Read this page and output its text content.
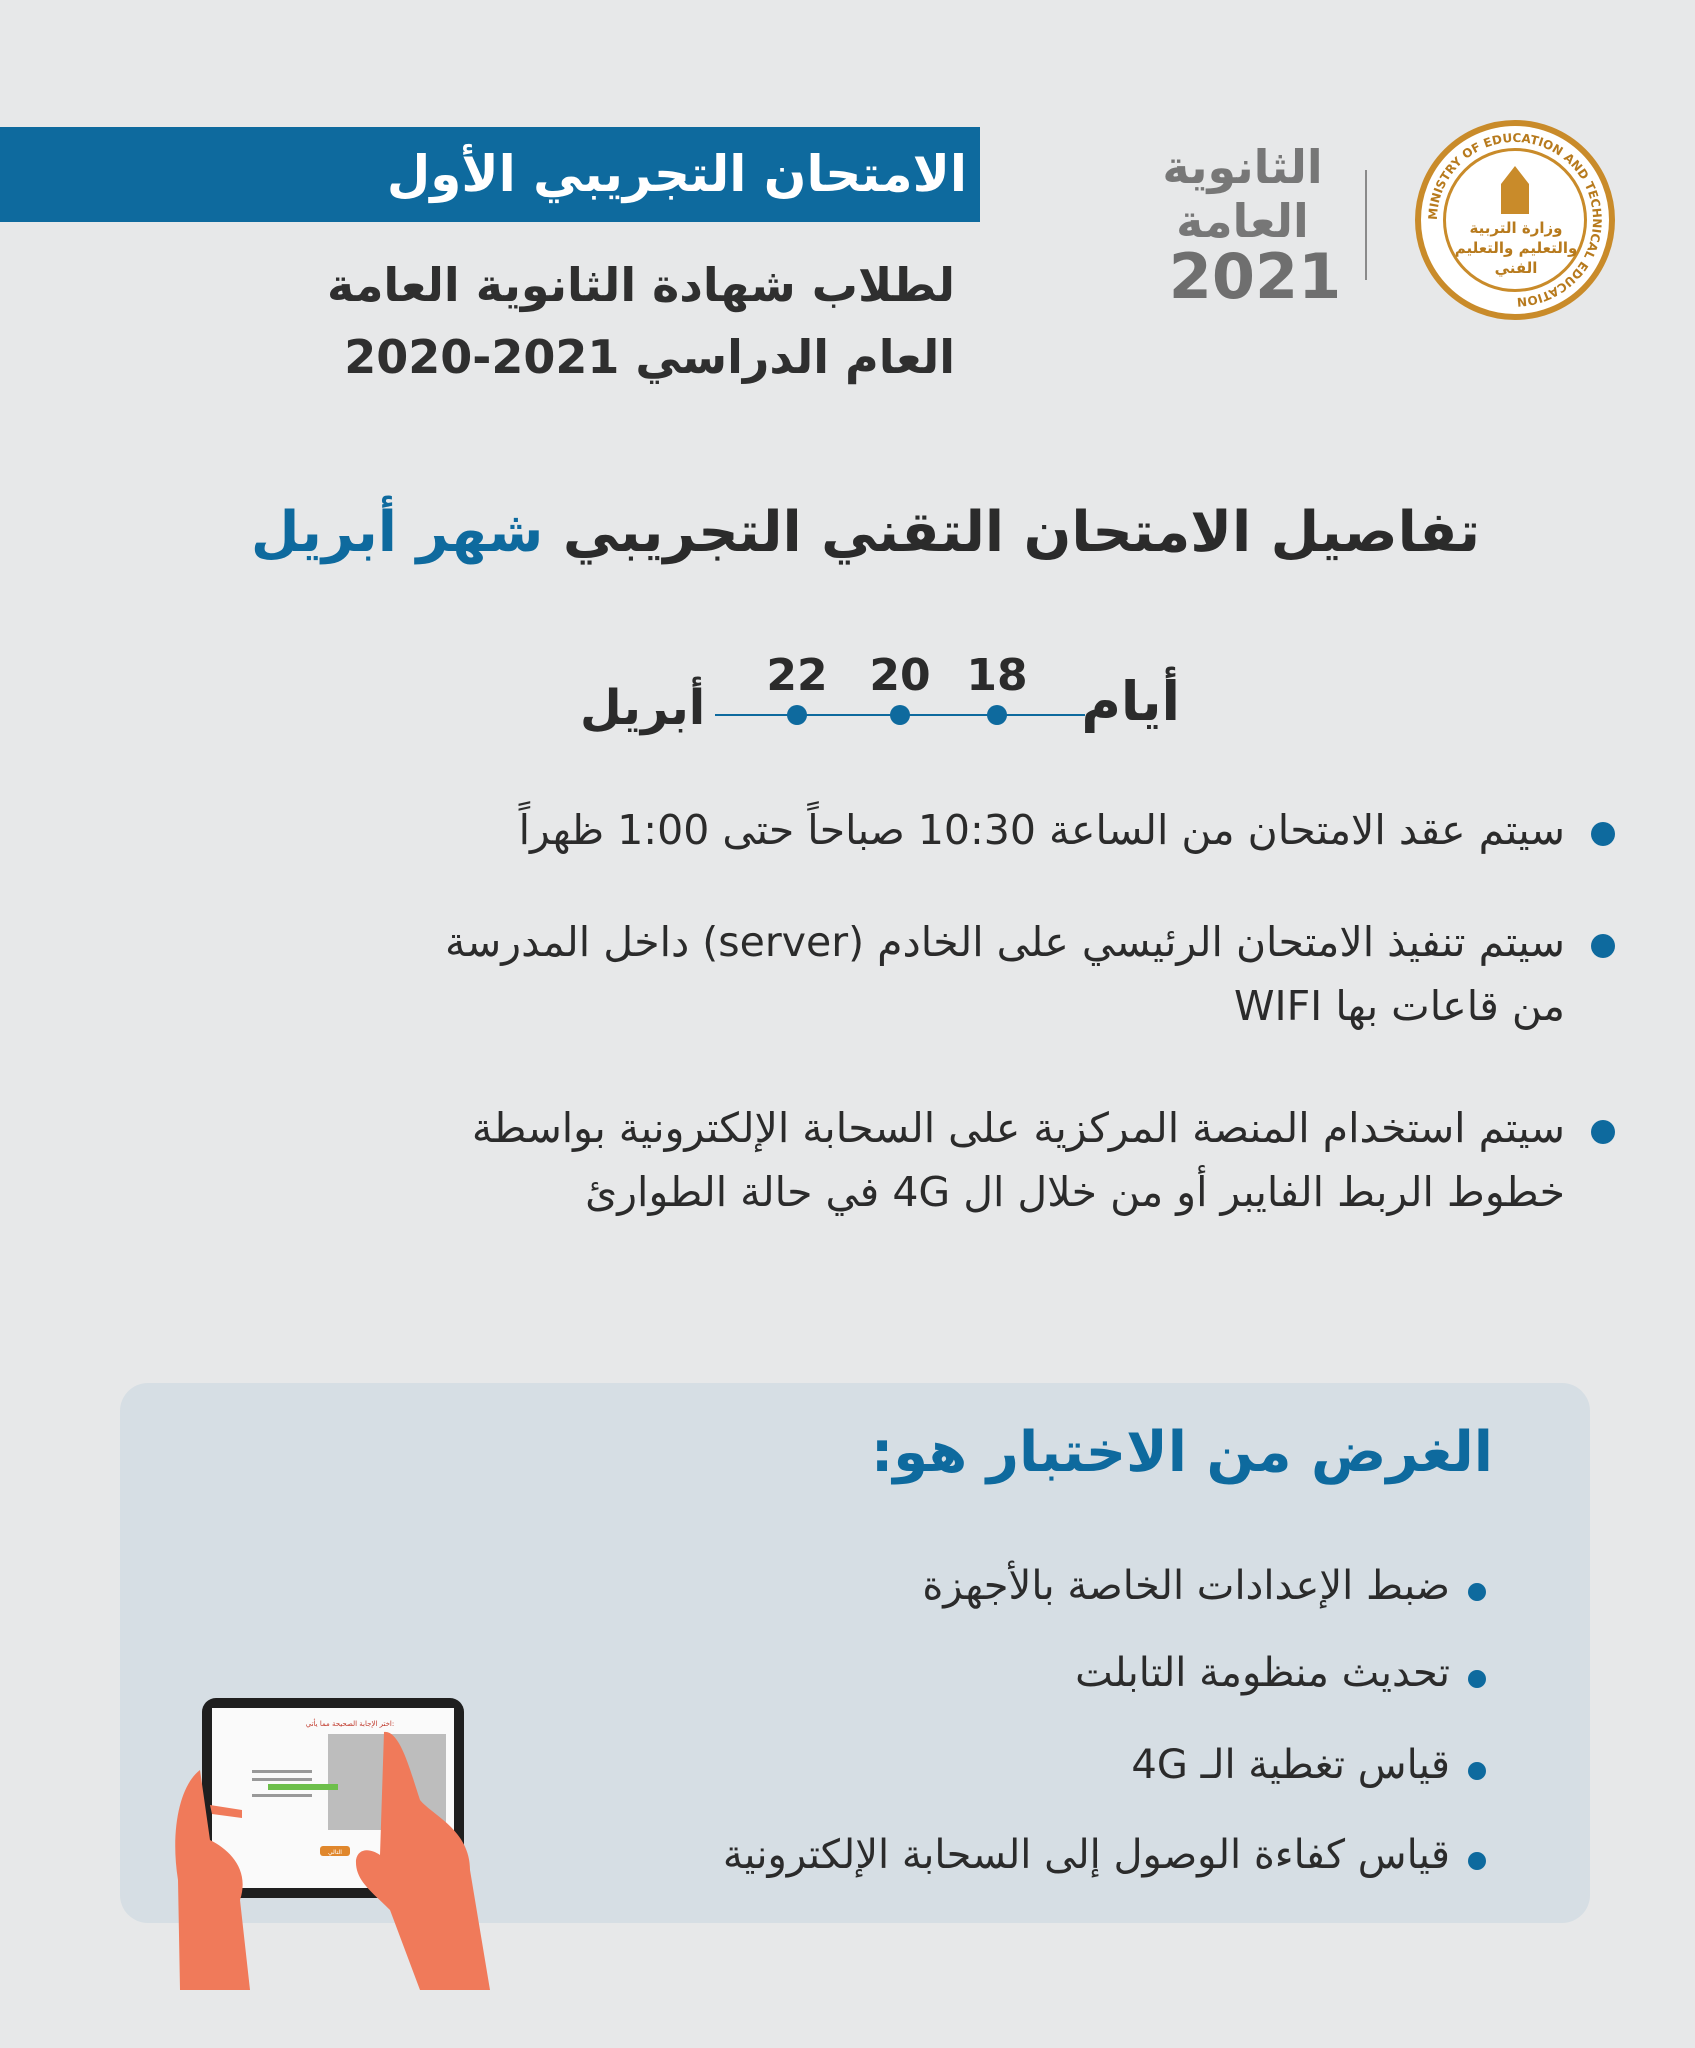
الامتحان التجريبي الأول
لطلاب شهادة الثانوية العامة
العام الدراسي 2021-2020
الثانوية العامة
2021
MINISTRY OF EDUCATION AND TECHNICAL EDUCATION
وزارة التربية والتعليم والتعليم الفني
تفاصيل الامتحان التقني التجريبي شهر أبريل
أيام
أبريل
18
20
22
سيتم عقد الامتحان من الساعة 10:30 صباحاً حتى 1:00 ظهراً
سيتم تنفيذ الامتحان الرئيسي على الخادم (server) داخل المدرسة
من قاعات بها WIFI
سيتم استخدام المنصة المركزية على السحابة الإلكترونية بواسطة
خطوط الربط الفايبر أو من خلال ال 4G في حالة الطوارئ
الغرض من الاختبار هو:
ضبط الإعدادات الخاصة بالأجهزة
تحديث منظومة التابلت
قياس تغطية الـ 4G
قياس كفاءة الوصول إلى السحابة الإلكترونية
اختر الإجابة الصحيحة مما يأتي:
التالي
